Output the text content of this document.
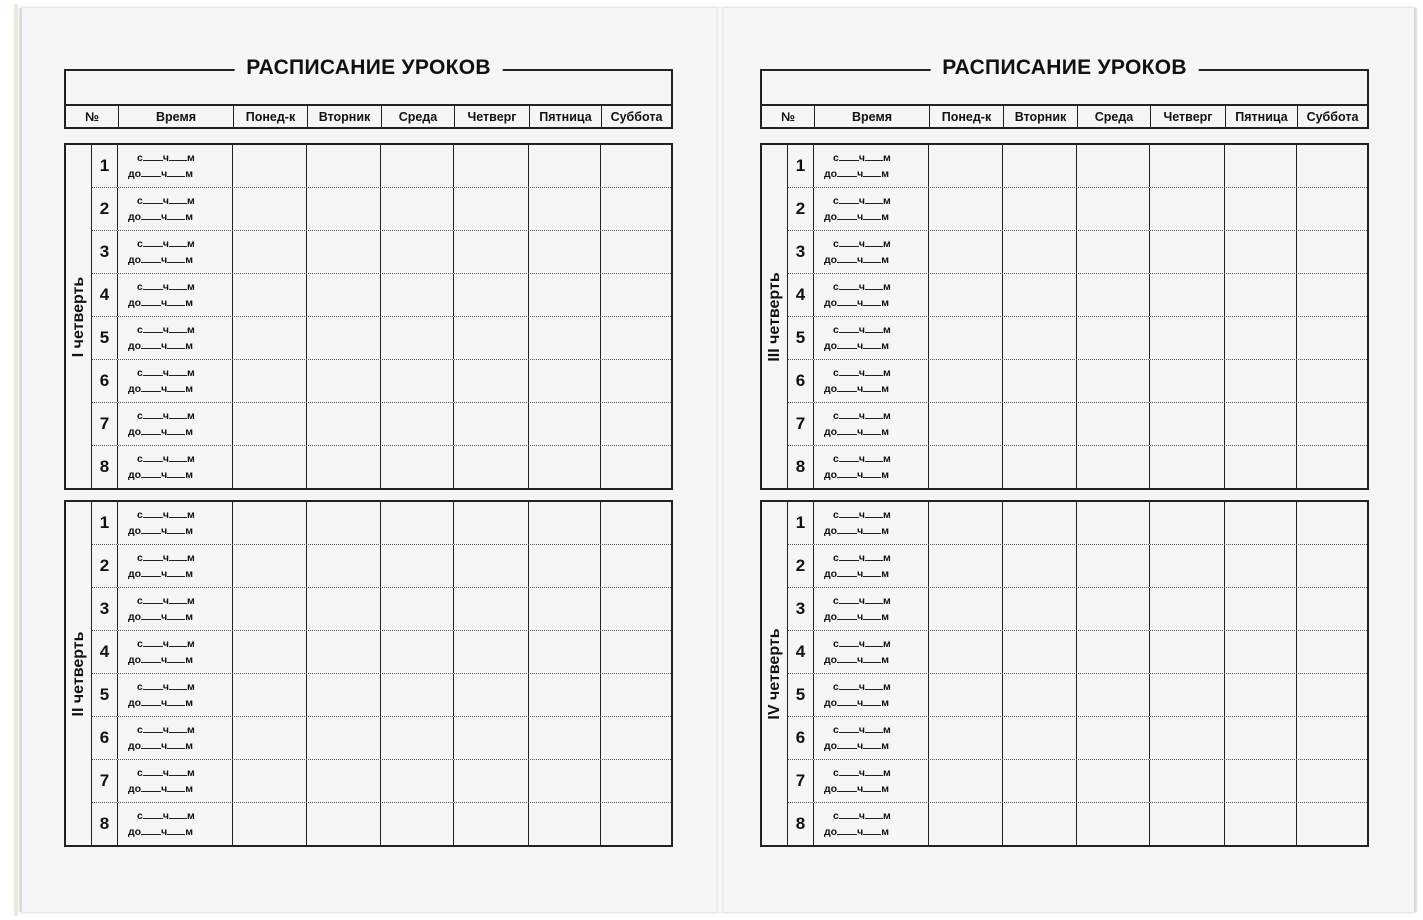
РАСПИСАНИЕ УРОКОВ
№	Время	Понед-к	Вторник	Среда	Четверг	Пятница	Суббота
I четверть
1	с ч м
до ч м
2	с ч м
до ч м
3	с ч м
до ч м
4	с ч м
до ч м
5	с ч м
до ч м
6	с ч м
до ч м
7	с ч м
до ч м
8	с ч м
до ч м
II четверть
1	с ч м
до ч м
2	с ч м
до ч м
3	с ч м
до ч м
4	с ч м
до ч м
5	с ч м
до ч м
6	с ч м
до ч м
7	с ч м
до ч м
8	с ч м
до ч м
РАСПИСАНИЕ УРОКОВ
№	Время	Понед-к	Вторник	Среда	Четверг	Пятница	Суббота
III четверть
1	с ч м
до ч м
2	с ч м
до ч м
3	с ч м
до ч м
4	с ч м
до ч м
5	с ч м
до ч м
6	с ч м
до ч м
7	с ч м
до ч м
8	с ч м
до ч м
IV четверть
1	с ч м
до ч м
2	с ч м
до ч м
3	с ч м
до ч м
4	с ч м
до ч м
5	с ч м
до ч м
6	с ч м
до ч м
7	с ч м
до ч м
8	с ч м
до ч м
